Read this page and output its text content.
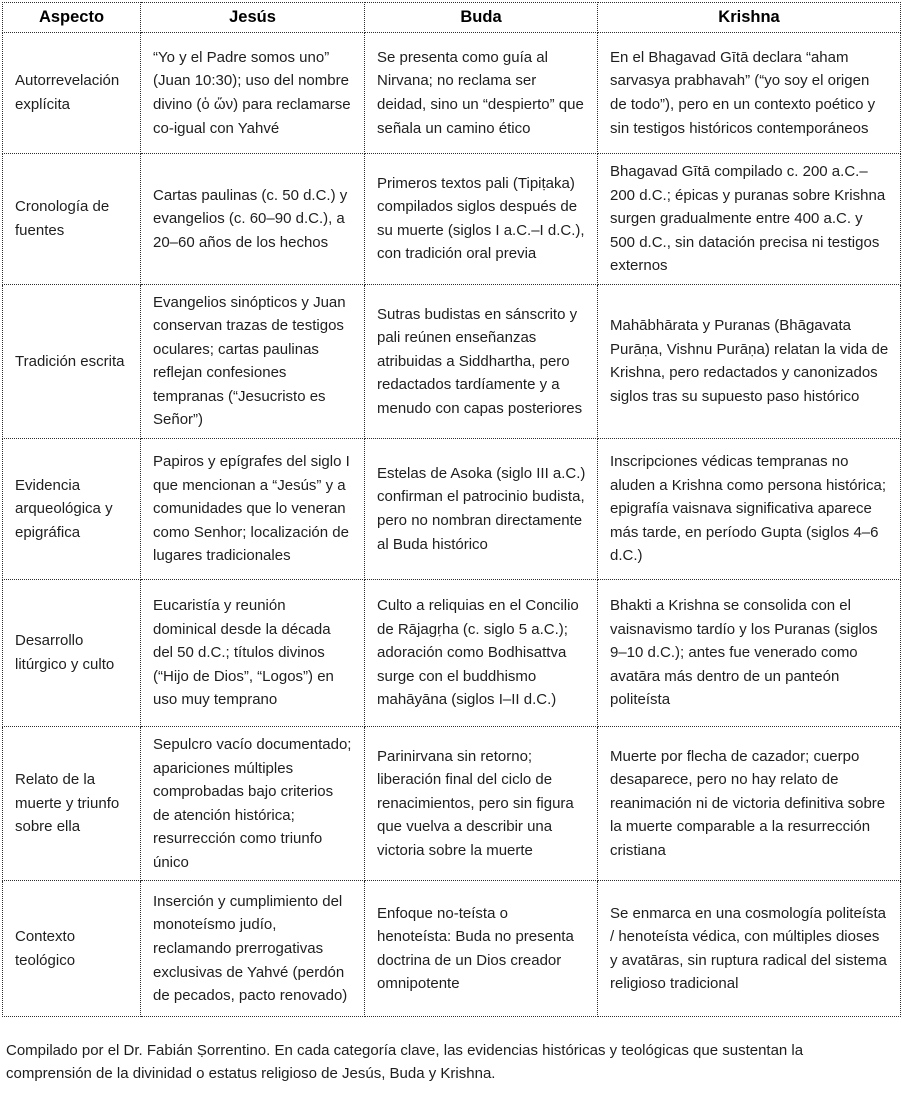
Aspecto	Jesús	Buda	Krishna
Autorrevelación explícita	“Yo y el Padre somos uno” (Juan 10:30); uso del nombre divino (ὁ ὤν) para reclamarse co-igual con Yahvé	Se presenta como guía al Nirvana; no reclama ser deidad, sino un “despierto” que señala un camino ético	En el Bhagavad Gītā declara “aham sarvasya prabhavah” (“yo soy el origen de todo”), pero en un contexto poético y sin testigos históricos contemporáneos
Cronología de fuentes	Cartas paulinas (c. 50 d.C.) y evangelios (c. 60–90 d.C.), a 20–60 años de los hechos	Primeros textos pali (Tipiṭaka) compilados siglos después de su muerte (siglos I a.C.–I d.C.), con tradición oral previa	Bhagavad Gītā compilado c. 200 a.C.–200 d.C.; épicas y puranas sobre Krishna surgen gradualmente entre 400 a.C. y 500 d.C., sin datación precisa ni testigos externos
Tradición escrita	Evangelios sinópticos y Juan conservan trazas de testigos oculares; cartas paulinas reflejan confesiones tempranas (“Jesucristo es Señor”)	Sutras budistas en sánscrito y pali reúnen enseñanzas atribuidas a Siddhartha, pero redactados tardíamente y a menudo con capas posteriores	Mahābhārata y Puranas (Bhāgavata Purāṇa, Vishnu Purāṇa) relatan la vida de Krishna, pero redactados y canonizados siglos tras su supuesto paso histórico
Evidencia arqueológica y epigráfica	Papiros y epígrafes del siglo I que mencionan a “Jesús” y a comunidades que lo veneran como Senhor; localización de lugares tradicionales	Estelas de Asoka (siglo III a.C.) confirman el patrocinio budista, pero no nombran directamente al Buda histórico	Inscripciones védicas tempranas no aluden a Krishna como persona histórica; epigrafía vaisnava significativa aparece más tarde, en período Gupta (siglos 4–6 d.C.)
Desarrollo litúrgico y culto	Eucaristía y reunión dominical desde la década del 50 d.C.; títulos divinos (“Hijo de Dios”, “Logos”) en uso muy temprano	Culto a reliquias en el Concilio de Rājagṛha (c. siglo 5 a.C.); adoración como Bodhisattva surge con el buddhismo mahāyāna (siglos I–II d.C.)	Bhakti a Krishna se consolida con el vaisnavismo tardío y los Puranas (siglos 9–10 d.C.); antes fue venerado como avatāra más dentro de un panteón politeísta
Relato de la muerte y triunfo sobre ella	Sepulcro vacío documentado; apariciones múltiples comprobadas bajo criterios de atención histórica; resurrección como triunfo único	Parinirvana sin retorno; liberación final del ciclo de renacimientos, pero sin figura que vuelva a describir una victoria sobre la muerte	Muerte por flecha de cazador; cuerpo desaparece, pero no hay relato de reanimación ni de victoria definitiva sobre la muerte comparable a la resurrección cristiana
Contexto teológico	Inserción y cumplimiento del monoteísmo judío, reclamando prerrogativas exclusivas de Yahvé (perdón de pecados, pacto renovado)	Enfoque no-teísta o henoteísta: Buda no presenta doctrina de un Dios creador omnipotente	Se enmarca en una cosmología politeísta / henoteísta védica, con múltiples dioses y avatāras, sin ruptura radical del sistema religioso tradicional

Compilado por el Dr. Fabián Ṣorrentino. En cada categoría clave, las evidencias históricas y teológicas que sustentan la comprensión de la divinidad o estatus religioso de Jesús, Buda y Krishna.
